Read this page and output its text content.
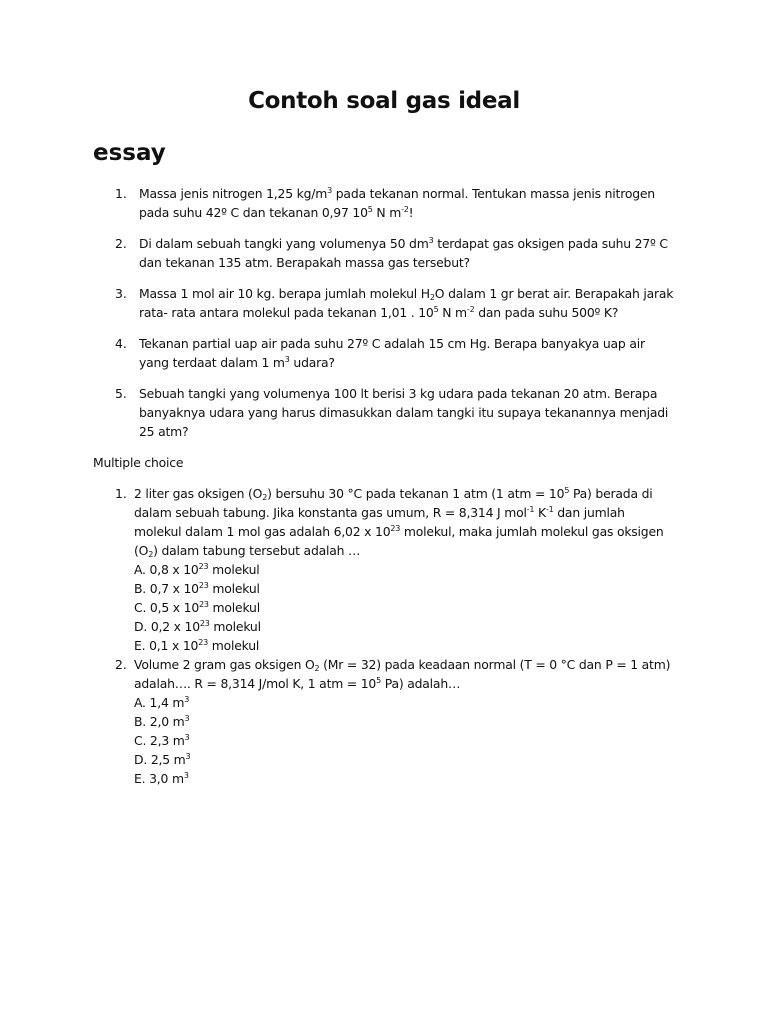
Contoh soal gas ideal
essay
1. Massa jenis nitrogen 1,25 $kg/m^3$ pada tekanan normal. Tentukan massa jenis nitrogen pada suhu 42º C dan tekanan 0,97 $10^5$ N $m^{-2}$!
2. Di dalam sebuah tangki yang volumenya 50 $dm^3$ terdapat gas oksigen pada suhu 27º C dan tekanan 135 atm. Berapakah massa gas tersebut?
3. Massa 1 mol air 10 kg. berapa jumlah molekul $H_2O$ dalam 1 gr berat air. Berapakah jarak rata- rata antara molekul pada tekanan 1,01 . $10^5$ N $m^{-2}$ dan pada suhu 500º K?
4. Tekanan partial uap air pada suhu 27º C adalah 15 cm Hg. Berapa banyakya uap air yang terdaat dalam 1 $m^3$ udara?
5. Sebuah tangki yang volumenya 100 lt berisi 3 kg udara pada tekanan 20 atm. Berapa banyaknya udara yang harus dimasukkan dalam tangki itu supaya tekanannya menjadi 25 atm?
Multiple choice
1. 2 liter gas oksigen $(O_2)$ bersuhu 30 °C pada tekanan 1 atm (1 atm = $10^5$ Pa) berada di dalam sebuah tabung. Jika konstanta gas umum, R = 8,314 J mol$^{-1}$ $K^{-1}$ dan jumlah molekul dalam 1 mol gas adalah 6,02 x $10^{23}$ molekul, maka jumlah molekul gas oksigen $(O_2)$ dalam tabung tersebut adalah …
A. 0,8 x $10^{23}$ molekul
B. 0,7 x $10^{23}$ molekul
C. 0,5 x $10^{23}$ molekul
D. 0,2 x $10^{23}$ molekul
E. 0,1 x $10^{23}$ molekul
2. Volume 2 gram gas oksigen $O_2$ (Mr = 32) pada keadaan normal (T = 0 °C dan P = 1 atm) adalah…. R = 8,314 J/mol K, 1 atm = $10^5$ Pa) adalah…
A. 1,4 $m^3$
B. 2,0 $m^3$
C. 2,3 $m^3$
D. 2,5 $m^3$
E. 3,0 $m^3$
